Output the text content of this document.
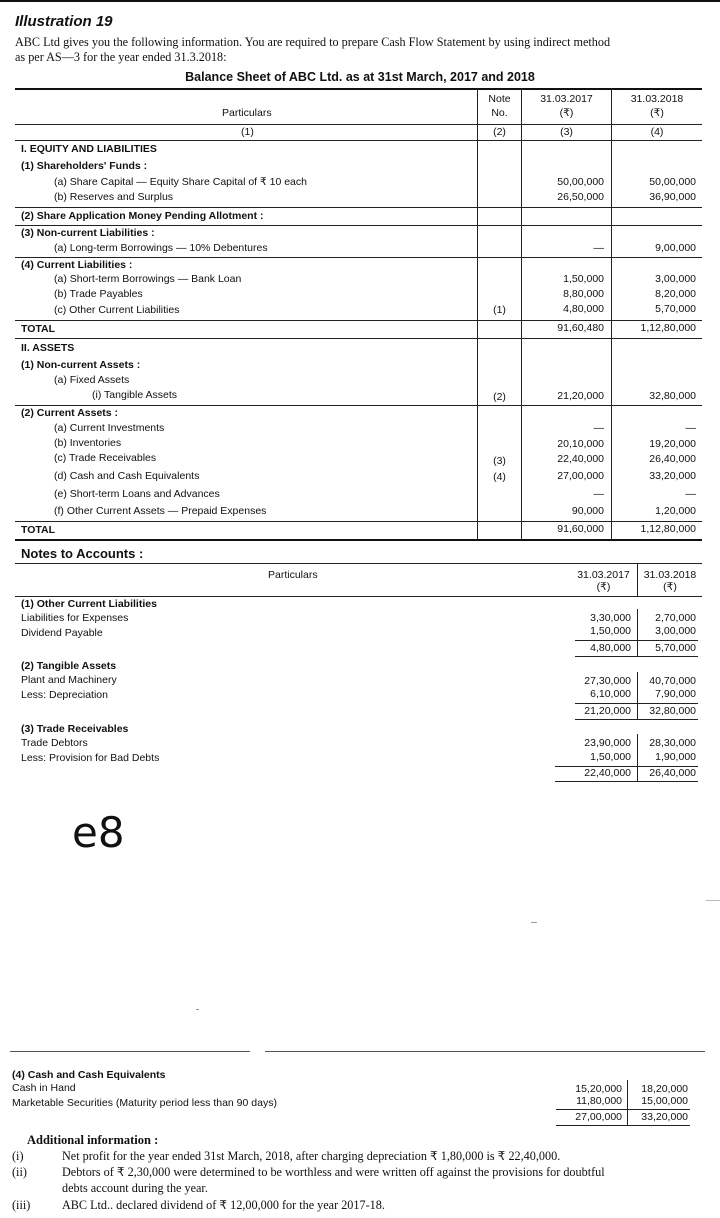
Illustration 19
ABC Ltd gives you the following information. You are required to prepare Cash Flow Statement by using indirect method
as per AS—3 for the year ended 31.3.2018:
Balance Sheet of ABC Ltd. as at 31st March, 2017 and 2018
Particulars
Note
No.
31.03.2017
(₹)
31.03.2018
(₹)
(1)	(2)	(3)	(4)
I. EQUITY AND LIABILITIES
(1) Shareholders' Funds :
(a) Share Capital — Equity Share Capital of ₹ 10 each	50,00,000	50,00,000
(b) Reserves and Surplus	26,50,000	36,90,000
(2) Share Application Money Pending Allotment :
(3) Non-current Liabilities :
(a) Long-term Borrowings — 10% Debentures	—	9,00,000
(4) Current Liabilities :
(a) Short-term Borrowings — Bank Loan	1,50,000	3,00,000
(b) Trade Payables	8,80,000	8,20,000
(c) Other Current Liabilities	(1)	4,80,000	5,70,000
TOTAL	91,60,480	1,12,80,000
II. ASSETS
(1) Non-current Assets :
(a) Fixed Assets
(i) Tangible Assets	(2)	21,20,000	32,80,000
(2) Current Assets :
(a) Current Investments	—	—
(b) Inventories	20,10,000	19,20,000
(c) Trade Receivables	(3)	22,40,000	26,40,000
(d) Cash and Cash Equivalents	(4)	27,00,000	33,20,000
(e) Short-term Loans and Advances	—	—
(f) Other Current Assets — Prepaid Expenses	90,000	1,20,000
TOTAL	91,60,000	1,12,80,000
Notes to Accounts :
Particulars	31.03.2017
(₹)
31.03.2018
(₹)
(1) Other Current Liabilities
Liabilities for Expenses	3,30,000	2,70,000
Dividend Payable	1,50,000	3,00,000
4,80,000	5,70,000
(2) Tangible Assets
Plant and Machinery	27,30,000	40,70,000
Less: Depreciation	6,10,000	7,90,000
21,20,000	32,80,000
(3) Trade Receivables
Trade Debtors	23,90,000	28,30,000
Less: Provision for Bad Debts	1,50,000	1,90,000
22,40,000	26,40,000
e8
(4) Cash and Cash Equivalents
Cash in Hand	15,20,000	18,20,000
Marketable Securities (Maturity period less than 90 days)	11,80,000	15,00,000
27,00,000	33,20,000
Additional information :
(i)	Net profit for the year ended 31st March, 2018, after charging depreciation ₹ 1,80,000 is ₹ 22,40,000.
(ii)	Debtors of ₹ 2,30,000 were determined to be worthless and were written off against the provisions for doubtful
debts account during the year.
(iii)	ABC Ltd.. declared dividend of ₹ 12,00,000 for the year 2017-18.
